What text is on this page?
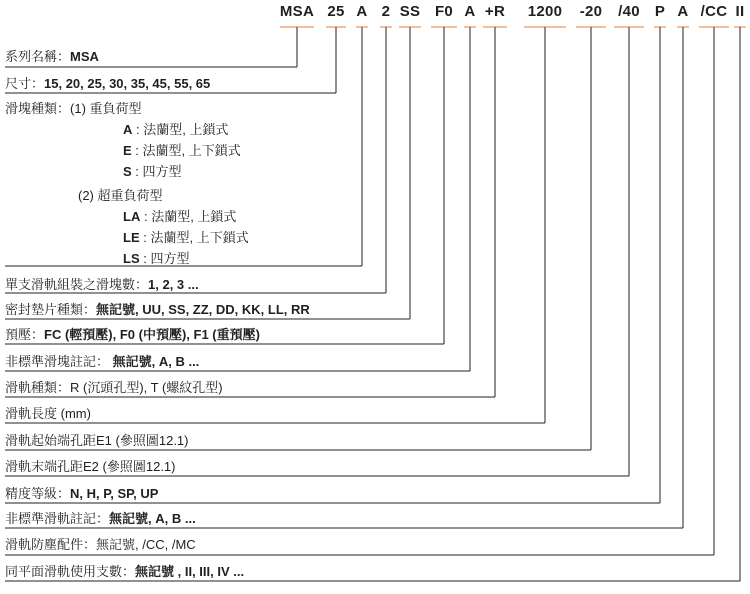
MSA 25 A 2 SS F0 A +R 1200 -20 /40 P A /CC II
系列名稱：MSA
尺寸：15, 20, 25, 30, 35, 45, 55, 65
滑塊種類：(1) 重負荷型
A : 法蘭型, 上鎖式
E : 法蘭型, 上下鎖式
S : 四方型
(2) 超重負荷型
LA : 法蘭型, 上鎖式
LE : 法蘭型, 上下鎖式
LS : 四方型
單支滑軌組裝之滑塊數：1, 2, 3 ...
密封墊片種類：無記號, UU, SS, ZZ, DD, KK, LL, RR
預壓：FC (輕預壓), F0 (中預壓), F1 (重預壓)
非標準滑塊註記： 無記號, A, B ...
滑軌種類：R (沉頭孔型), T (螺紋孔型)
滑軌長度 (mm)
滑軌起始端孔距E1 (參照圖12.1)
滑軌末端孔距E2 (參照圖12.1)
精度等級：N, H, P, SP, UP
非標準滑軌註記：無記號, A, B ...
滑軌防塵配件：無記號, /CC, /MC
同平面滑軌使用支數：無記號 , II, III, IV ...
